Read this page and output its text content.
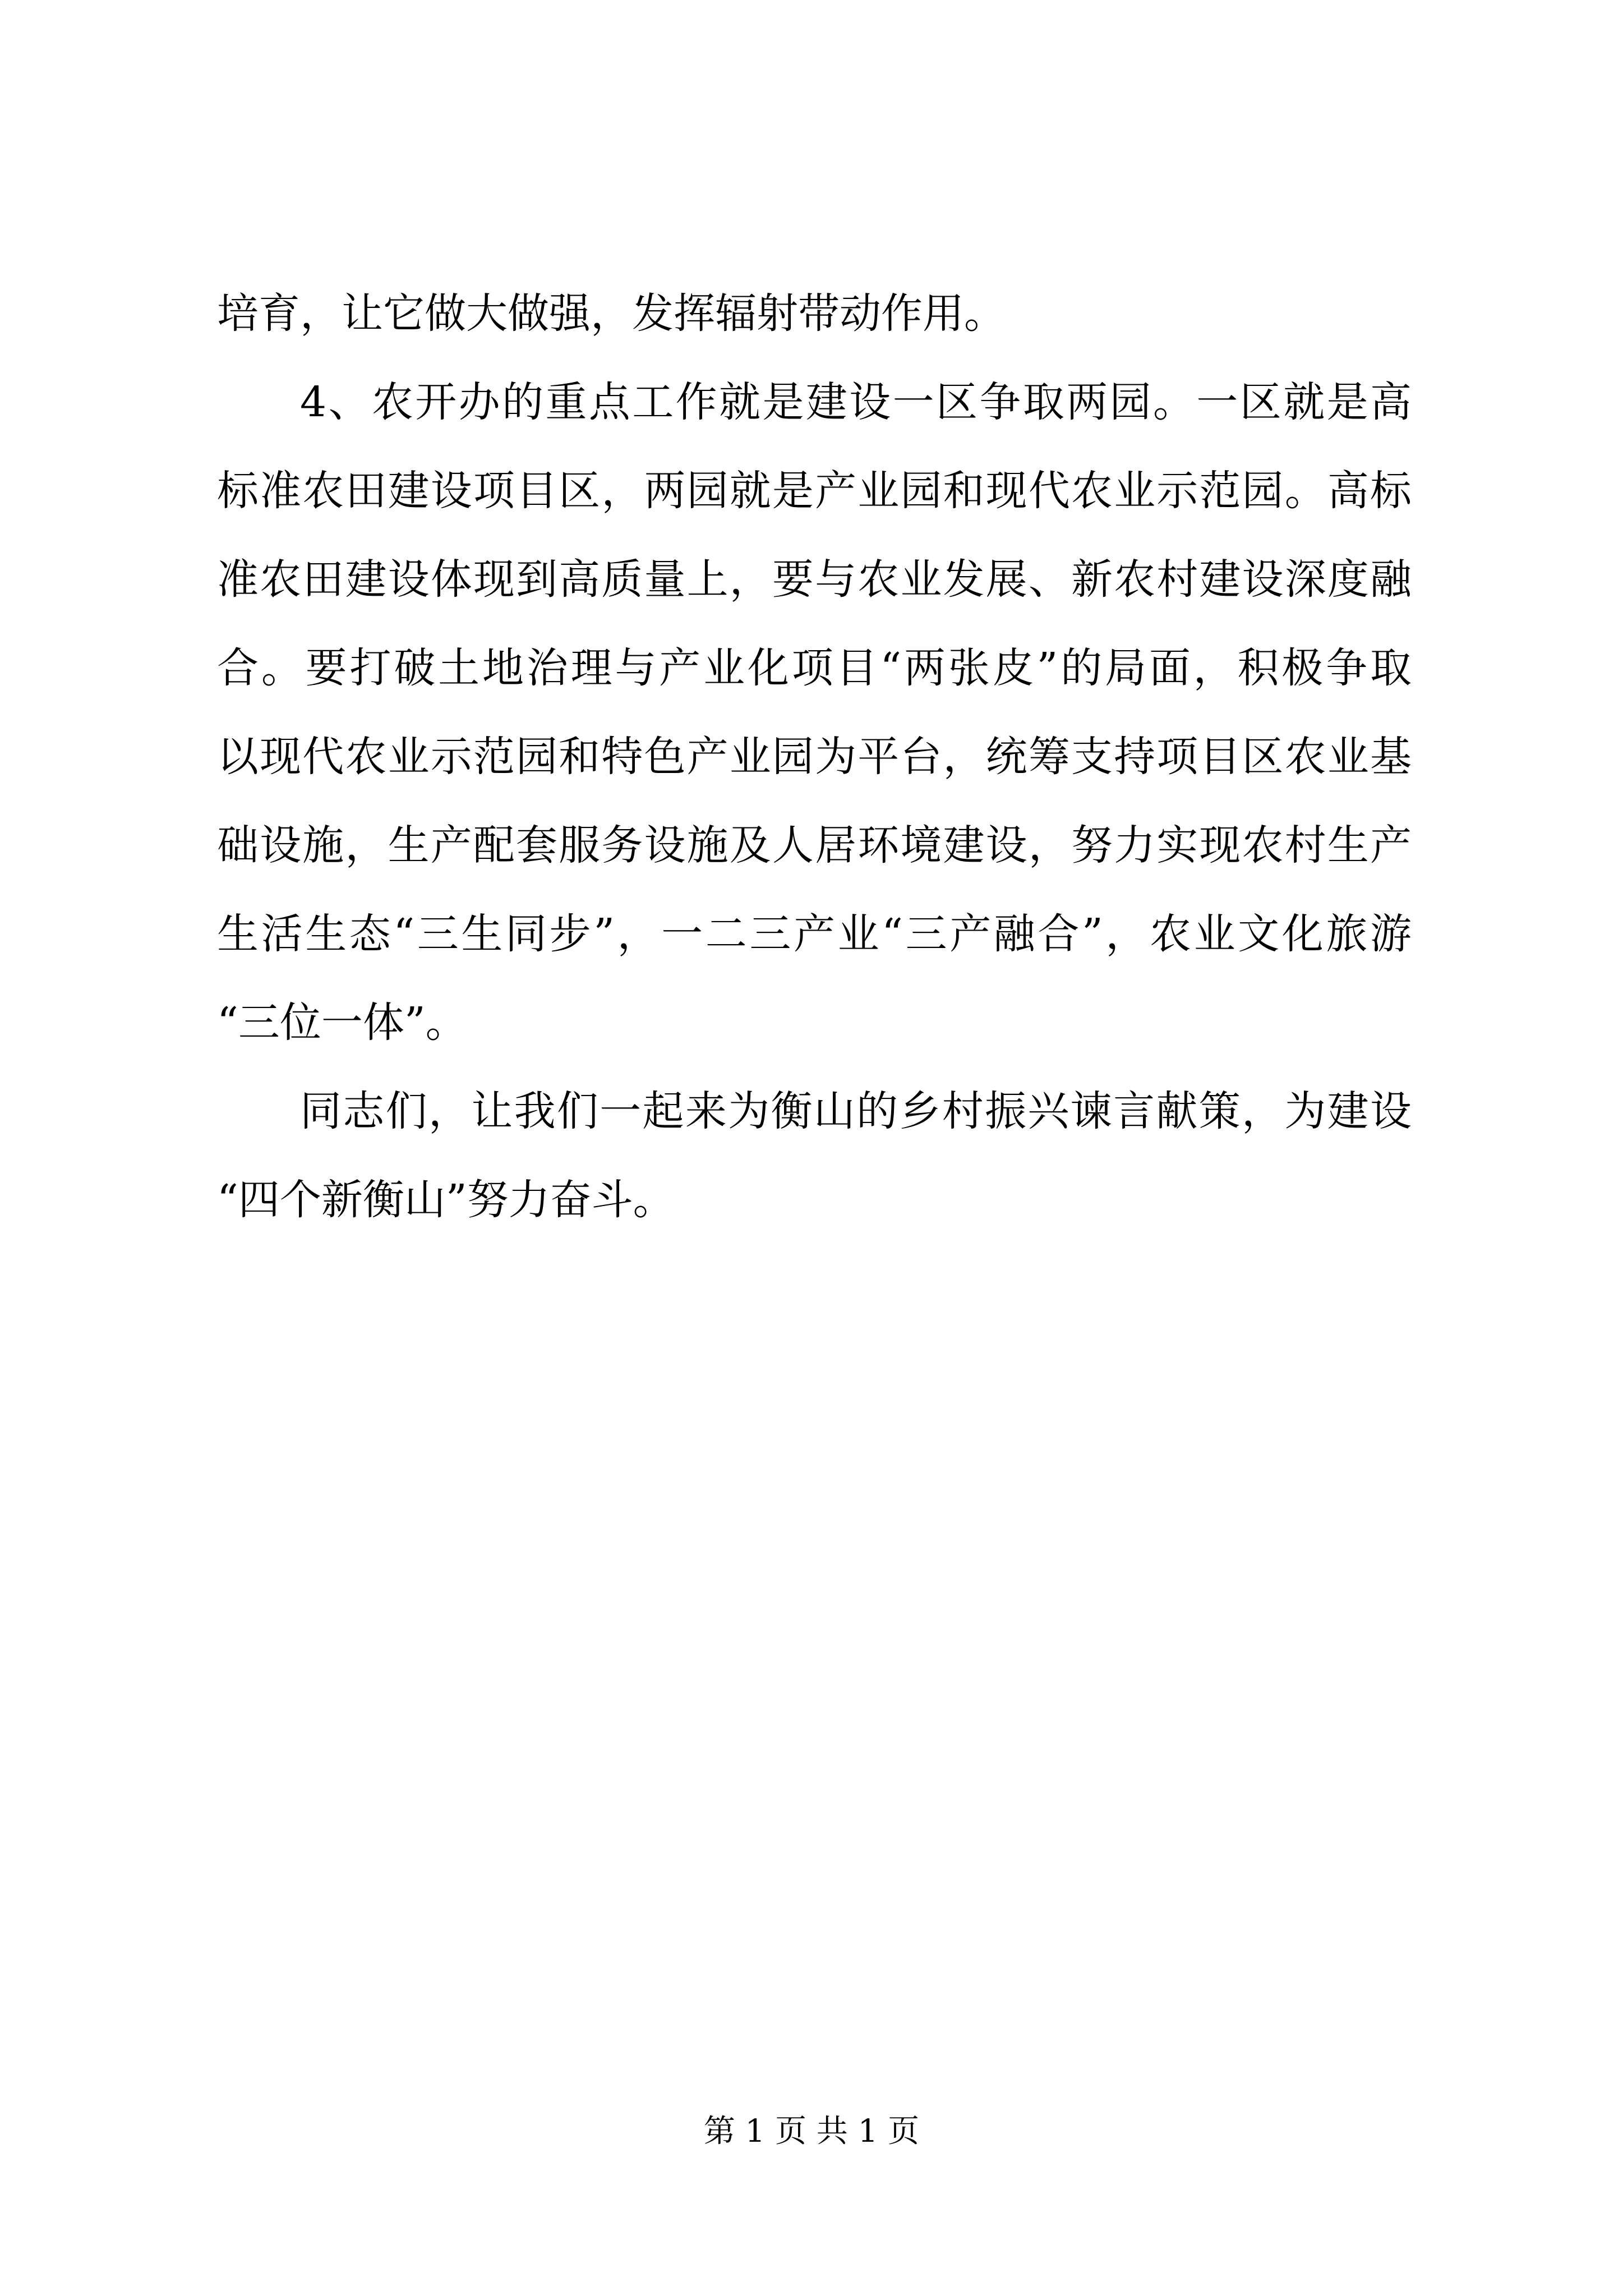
培育，让它做大做强，发挥辐射带动作用。

4、农开办的重点工作就是建设一区争取两园。一区就是高

标准农田建设项目区，两园就是产业园和现代农业示范园。高标

准农田建设体现到高质量上，要与农业发展、新农村建设深度融

合。要打破土地治理与产业化项目“两张皮”的局面，积极争取

以现代农业示范园和特色产业园为平台，统筹支持项目区农业基

础设施，生产配套服务设施及人居环境建设，努力实现农村生产

生活生态“三生同步”，一二三产业“三产融合”，农业文化旅游

“三位一体”。

同志们，让我们一起来为衡山的乡村振兴谏言献策，为建设

“四个新衡山”努力奋斗。

第 1 页 共 1 页
